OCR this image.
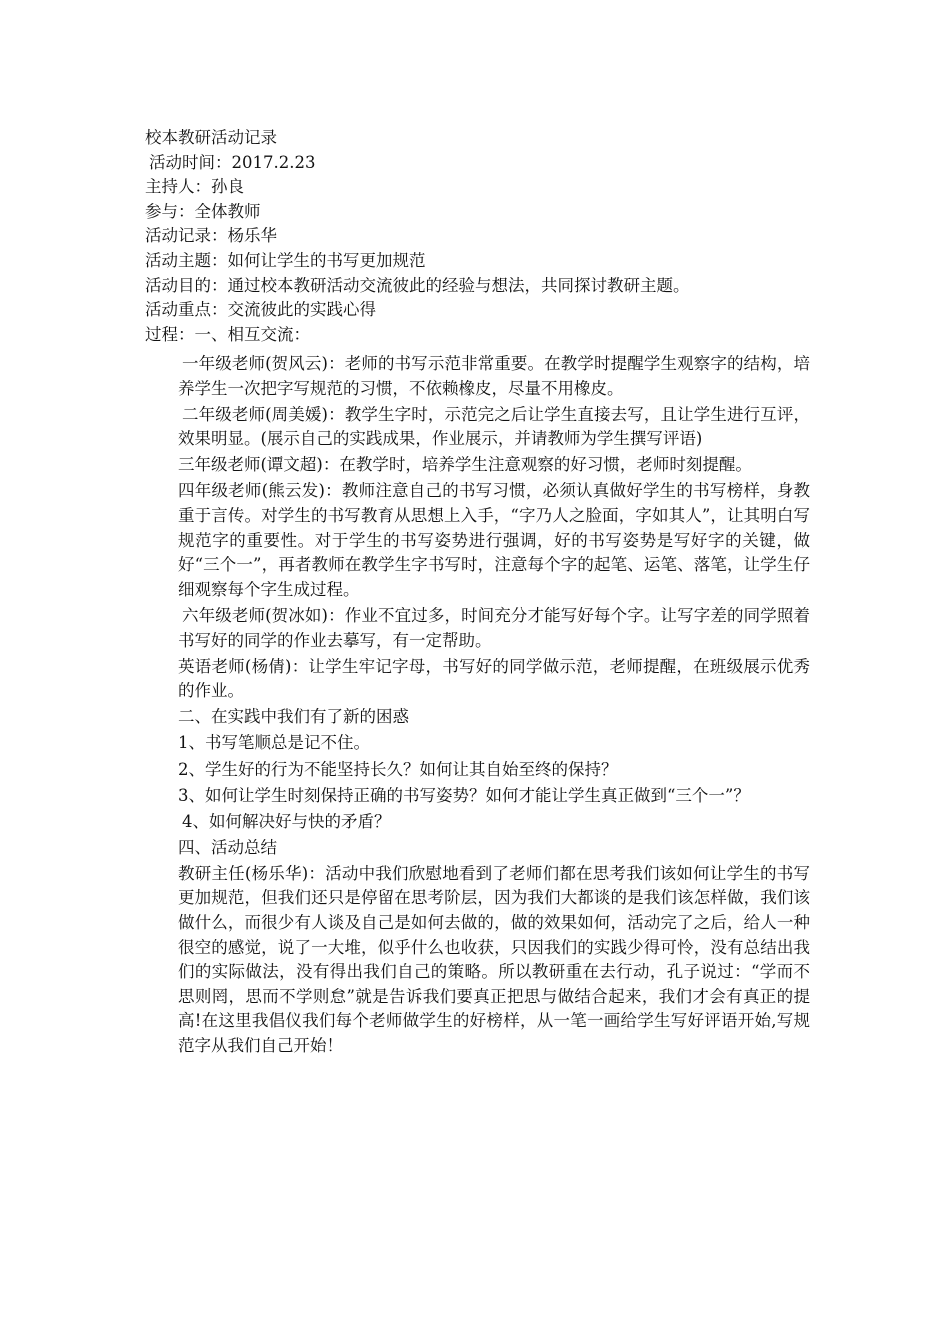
校本教研活动记录
活动时间：2017.2.23
主持人：孙良
参与：全体教师
活动记录：杨乐华
活动主题：如何让学生的书写更加规范
活动目的：通过校本教研活动交流彼此的经验与想法，共同探讨教研主题。
活动重点：交流彼此的实践心得
过程：一、相互交流：

一年级老师(贺风云)：老师的书写示范非常重要。在教学时提醒学生观察字的结构，培养学生一次把字写规范的习惯，不依赖橡皮，尽量不用橡皮。

二年级老师(周美媛)：教学生字时，示范完之后让学生直接去写，且让学生进行互评，效果明显。(展示自己的实践成果，作业展示，并请教师为学生撰写评语)

三年级老师(谭文超)：在教学时，培养学生注意观察的好习惯，老师时刻提醒。

四年级老师(熊云发)：教师注意自己的书写习惯，必须认真做好学生的书写榜样，身教重于言传。对学生的书写教育从思想上入手，“字乃人之脸面，字如其人”，让其明白写规范字的重要性。对于学生的书写姿势进行强调，好的书写姿势是写好字的关键，做好“三个一”，再者教师在教学生字书写时，注意每个字的起笔、运笔、落笔，让学生仔细观察每个字生成过程。

六年级老师(贺冰如)：作业不宜过多，时间充分才能写好每个字。让写字差的同学照着书写好的同学的作业去摹写，有一定帮助。

英语老师(杨倩)：让学生牢记字母，书写好的同学做示范，老师提醒，在班级展示优秀的作业。

二、在实践中我们有了新的困惑

1、书写笔顺总是记不住。

2、学生好的行为不能坚持长久？如何让其自始至终的保持？

3、如何让学生时刻保持正确的书写姿势？如何才能让学生真正做到“三个一”？

4、如何解决好与快的矛盾？

四、活动总结

教研主任(杨乐华)：活动中我们欣慰地看到了老师们都在思考我们该如何让学生的书写更加规范，但我们还只是停留在思考阶层，因为我们大都谈的是我们该怎样做，我们该做什么，而很少有人谈及自己是如何去做的，做的效果如何，活动完了之后，给人一种很空的感觉，说了一大堆，似乎什么也收获，只因我们的实践少得可怜，没有总结出我们的实际做法，没有得出我们自己的策略。所以教研重在去行动，孔子说过：“学而不思则罔，思而不学则怠”就是告诉我们要真正把思与做结合起来，我们才会有真正的提高!在这里我倡仪我们每个老师做学生的好榜样，从一笔一画给学生写好评语开始,写规范字从我们自己开始！
